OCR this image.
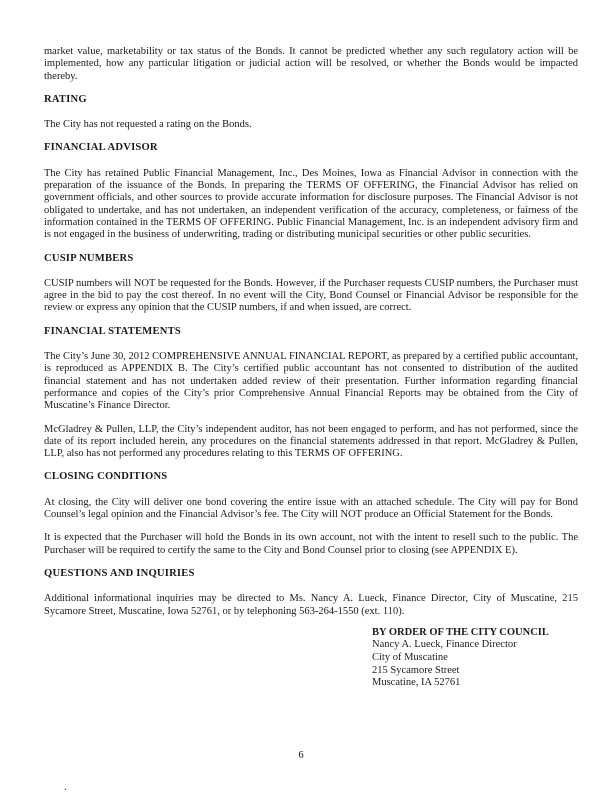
market value, marketability or tax status of the Bonds. It cannot be predicted whether any such regulatory action will be implemented, how any particular litigation or judicial action will be resolved, or whether the Bonds would be impacted thereby.

RATING

The City has not requested a rating on the Bonds.

FINANCIAL ADVISOR

The City has retained Public Financial Management, Inc., Des Moines, Iowa as Financial Advisor in connection with the preparation of the issuance of the Bonds. In preparing the TERMS OF OFFERING, the Financial Advisor has relied on government officials, and other sources to provide accurate information for disclosure purposes. The Financial Advisor is not obligated to undertake, and has not undertaken, an independent verification of the accuracy, completeness, or fairness of the information contained in the TERMS OF OFFERING. Public Financial Management, Inc. is an independent advisory firm and is not engaged in the business of underwriting, trading or distributing municipal securities or other public securities.

CUSIP NUMBERS

CUSIP numbers will NOT be requested for the Bonds. However, if the Purchaser requests CUSIP numbers, the Purchaser must agree in the bid to pay the cost thereof. In no event will the City, Bond Counsel or Financial Advisor be responsible for the review or express any opinion that the CUSIP numbers, if and when issued, are correct.

FINANCIAL STATEMENTS

The City’s June 30, 2012 COMPREHENSIVE ANNUAL FINANCIAL REPORT, as prepared by a certified public accountant, is reproduced as APPENDIX B. The City’s certified public accountant has not consented to distribution of the audited financial statement and has not undertaken added review of their presentation. Further information regarding financial performance and copies of the City’s prior Comprehensive Annual Financial Reports may be obtained from the City of Muscatine’s Finance Director.

McGladrey & Pullen, LLP, the City’s independent auditor, has not been engaged to perform, and has not performed, since the date of its report included herein, any procedures on the financial statements addressed in that report. McGladrey & Pullen, LLP, also has not performed any procedures relating to this TERMS OF OFFERING.

CLOSING CONDITIONS

At closing, the City will deliver one bond covering the entire issue with an attached schedule. The City will pay for Bond Counsel’s legal opinion and the Financial Advisor’s fee. The City will NOT produce an Official Statement for the Bonds.

It is expected that the Purchaser will hold the Bonds in its own account, not with the intent to resell such to the public. The Purchaser will be required to certify the same to the City and Bond Counsel prior to closing (see APPENDIX E).

QUESTIONS AND INQUIRIES

Additional informational inquiries may be directed to Ms. Nancy A. Lueck, Finance Director, City of Muscatine, 215 Sycamore Street, Muscatine, Iowa 52761, or by telephoning 563-264-1550 (ext. 110).

BY ORDER OF THE CITY COUNCIL

Nancy A. Lueck, Finance Director

City of Muscatine

215 Sycamore Street

Muscatine, IA 52761

6
.
